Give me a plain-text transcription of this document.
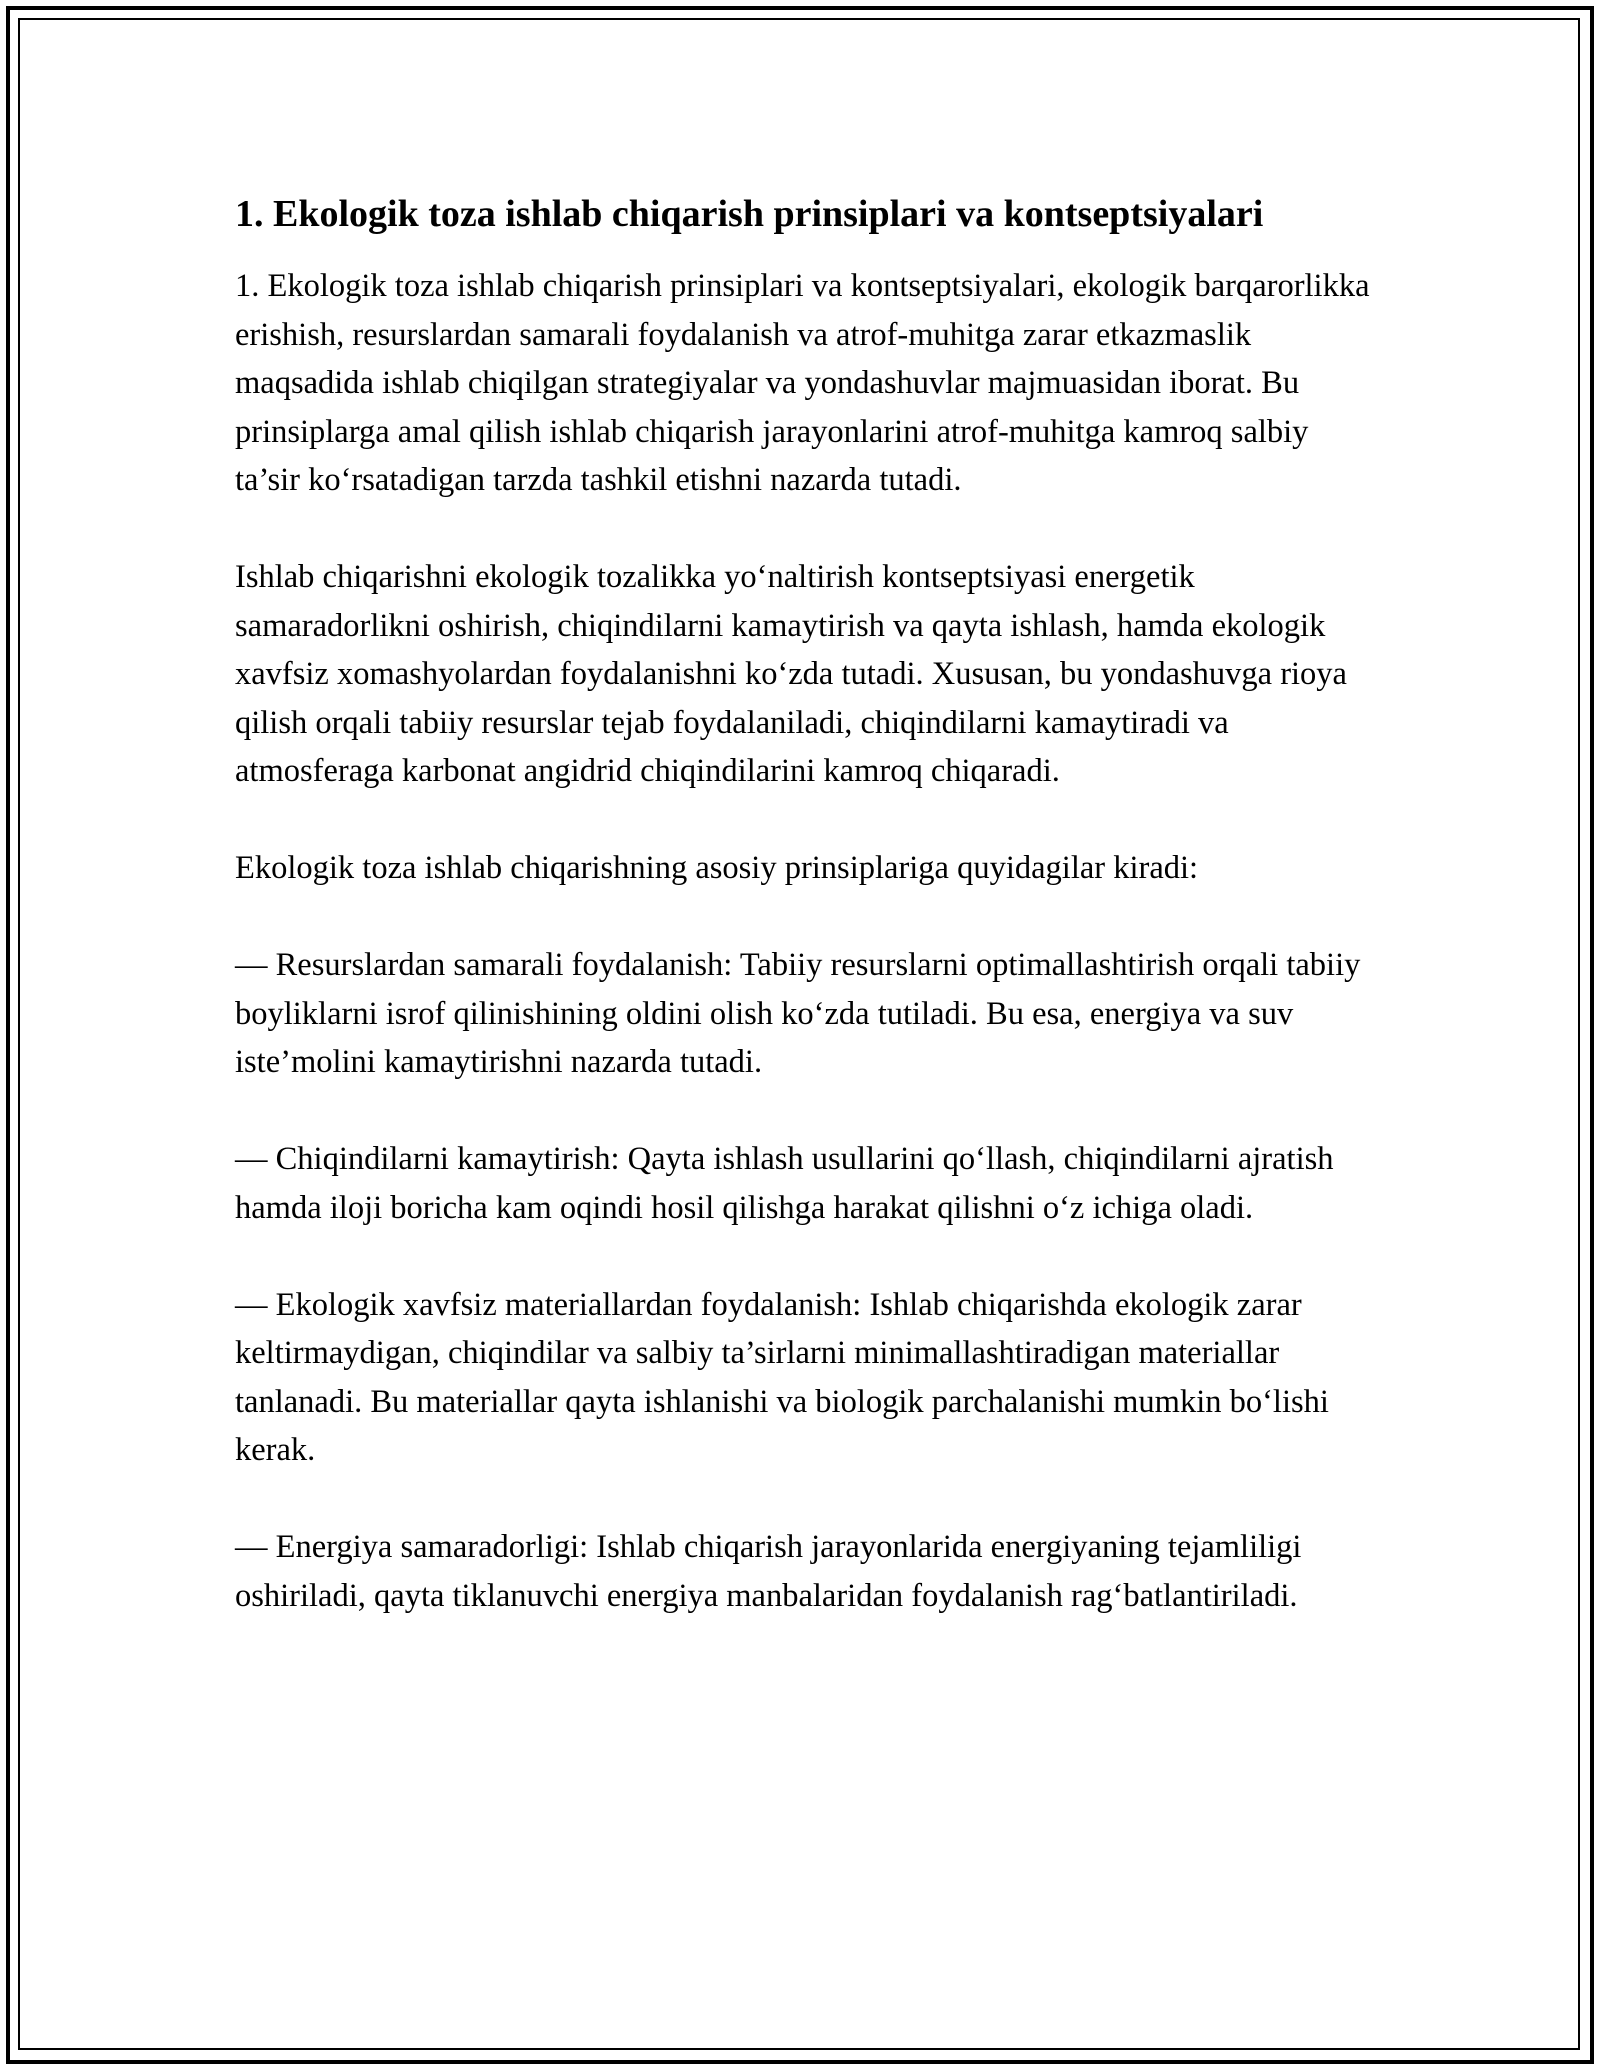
1. Ekologik toza ishlab chiqarish prinsiplari va kontseptsiyalari

1. Ekologik toza ishlab chiqarish prinsiplari va kontseptsiyalari, ekologik barqarorlikka erishish, resurslardan samarali foydalanish va atrof-muhitga zarar etkazmaslik maqsadida ishlab chiqilgan strategiyalar va yondashuvlar majmuasidan iborat. Bu prinsiplarga amal qilish ishlab chiqarish jarayonlarini atrof-muhitga kamroq salbiy ta’sir ko‘rsatadigan tarzda tashkil etishni nazarda tutadi.

Ishlab chiqarishni ekologik tozalikka yo‘naltirish kontseptsiyasi energetik samaradorlikni oshirish, chiqindilarni kamaytirish va qayta ishlash, hamda ekologik xavfsiz xomashyolardan foydalanishni ko‘zda tutadi. Xususan, bu yondashuvga rioya qilish orqali tabiiy resurslar tejab foydalaniladi, chiqindilarni kamaytiradi va atmosferaga karbonat angidrid chiqindilarini kamroq chiqaradi.

Ekologik toza ishlab chiqarishning asosiy prinsiplariga quyidagilar kiradi:

— Resurslardan samarali foydalanish: Tabiiy resurslarni optimallashtirish orqali tabiiy boyliklarni isrof qilinishining oldini olish ko‘zda tutiladi. Bu esa, energiya va suv iste’molini kamaytirishni nazarda tutadi.

— Chiqindilarni kamaytirish: Qayta ishlash usullarini qo‘llash, chiqindilarni ajratish hamda iloji boricha kam oqindi hosil qilishga harakat qilishni o‘z ichiga oladi.

— Ekologik xavfsiz materiallardan foydalanish: Ishlab chiqarishda ekologik zarar keltirmaydigan, chiqindilar va salbiy ta’sirlarni minimallashtiradigan materiallar tanlanadi. Bu materiallar qayta ishlanishi va biologik parchalanishi mumkin bo‘lishi kerak.

— Energiya samaradorligi: Ishlab chiqarish jarayonlarida energiyaning tejamliligi oshiriladi, qayta tiklanuvchi energiya manbalaridan foydalanish rag‘batlantiriladi.
